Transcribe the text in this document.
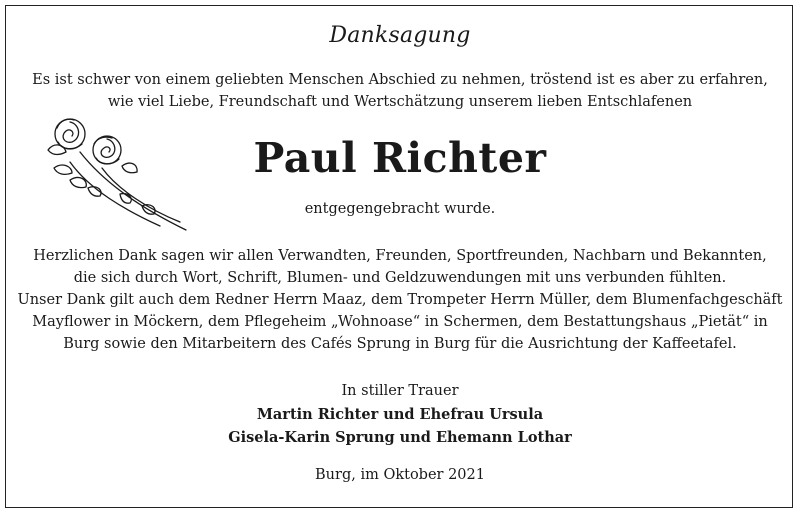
Danksagung
Es ist schwer von einem geliebten Menschen Abschied zu nehmen, tröstend ist es aber zu erfahren,
wie viel Liebe, Freundschaft und Wertschätzung unserem lieben Entschlafenen
Paul Richter
entgegengebracht wurde.
Herzlichen Dank sagen wir allen Verwandten, Freunden, Sportfreunden, Nachbarn und Bekannten,
die sich durch Wort, Schrift, Blumen- und Geldzuwendungen mit uns verbunden fühlten.
Unser Dank gilt auch dem Redner Herrn Maaz, dem Trompeter Herrn Müller, dem Blumenfachgeschäft
Mayflower in Möckern, dem Pflegeheim „Wohnoase“ in Schermen, dem Bestattungshaus „Pietät“ in
Burg sowie den Mitarbeitern des Cafés Sprung in Burg für die Ausrichtung der Kaffeetafel.
In stiller Trauer
Martin Richter und Ehefrau Ursula
Gisela-Karin Sprung und Ehemann Lothar
Burg, im Oktober 2021
